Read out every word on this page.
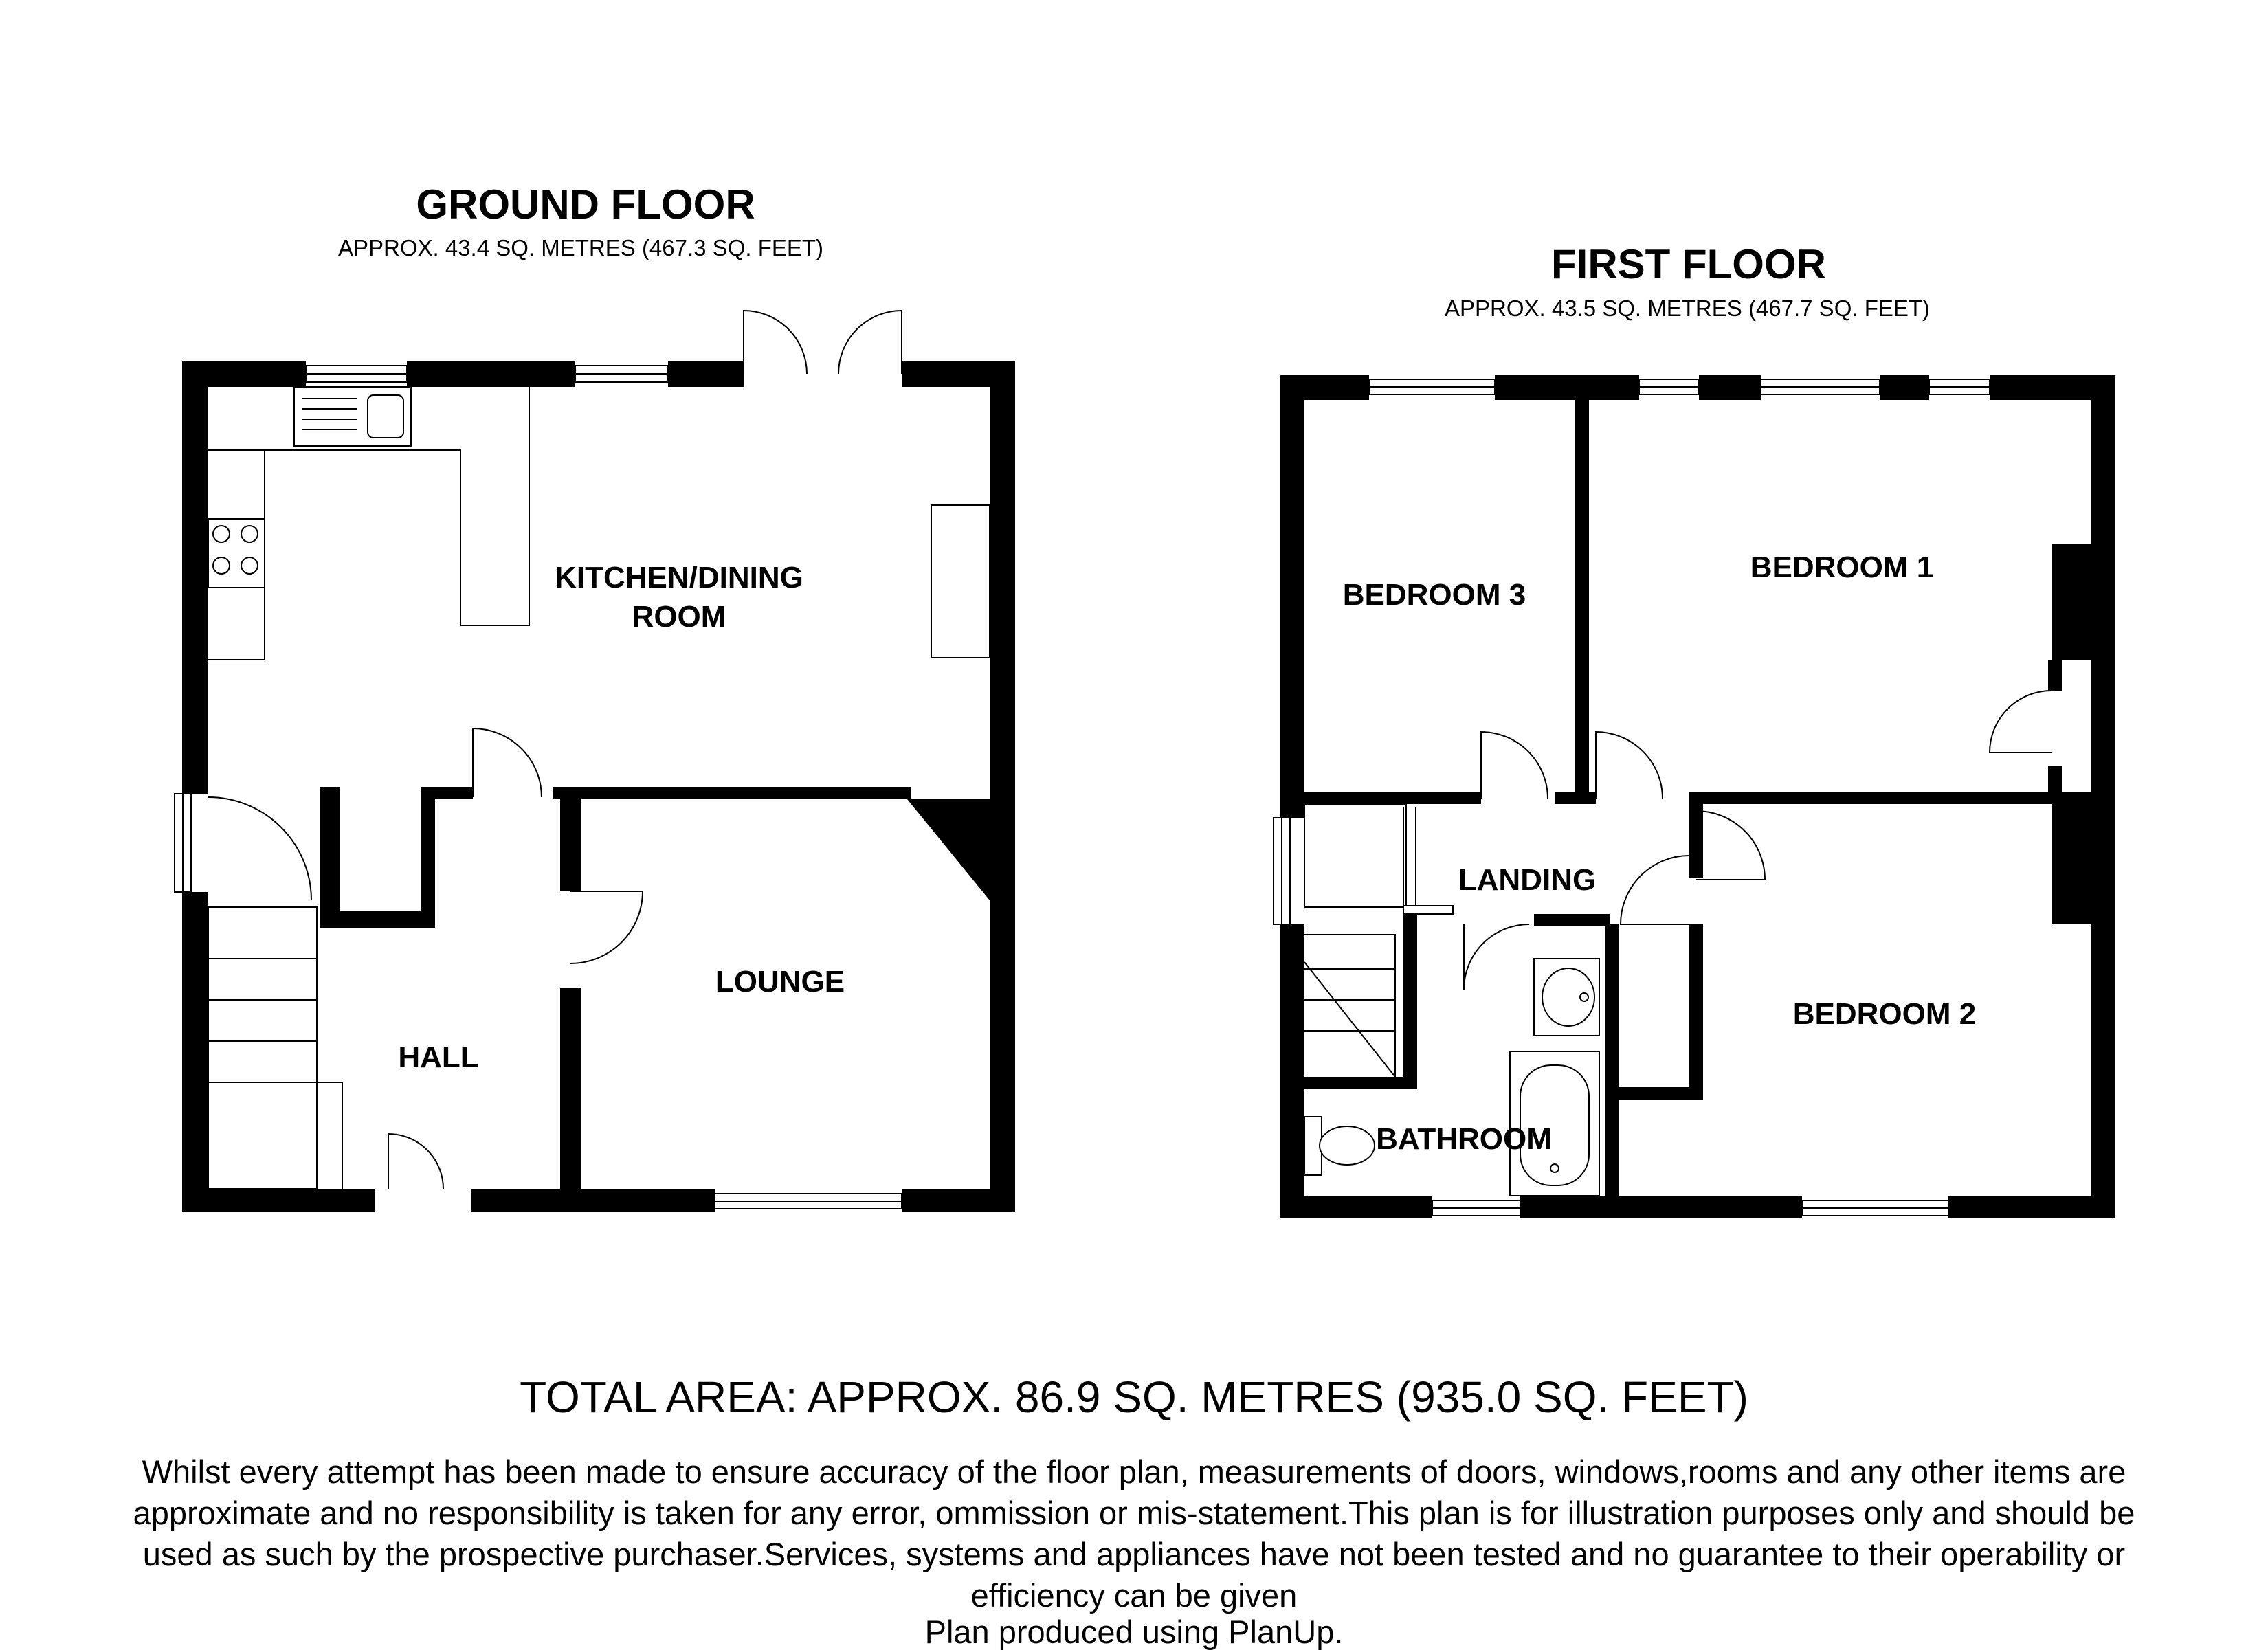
GROUND FLOOR
APPROX. 43.4 SQ. METRES (467.3 SQ. FEET)
KITCHEN/DINING
ROOM
LOUNGE
HALL
FIRST FLOOR
APPROX. 43.5 SQ. METRES (467.7 SQ. FEET)
BEDROOM 3
BEDROOM 1
LANDING
BEDROOM 2
BATHROOM
TOTAL AREA: APPROX. 86.9 SQ. METRES (935.0 SQ. FEET)
Whilst every attempt has been made to ensure accuracy of the floor plan, measurements of doors, windows,rooms and any other items are
approximate and no responsibility is taken for any error, ommission or mis-statement.This plan is for illustration purposes only and should be
used as such by the prospective purchaser.Services, systems and appliances have not been tested and no guarantee to their operability or
efficiency can be given
Plan produced using PlanUp.
